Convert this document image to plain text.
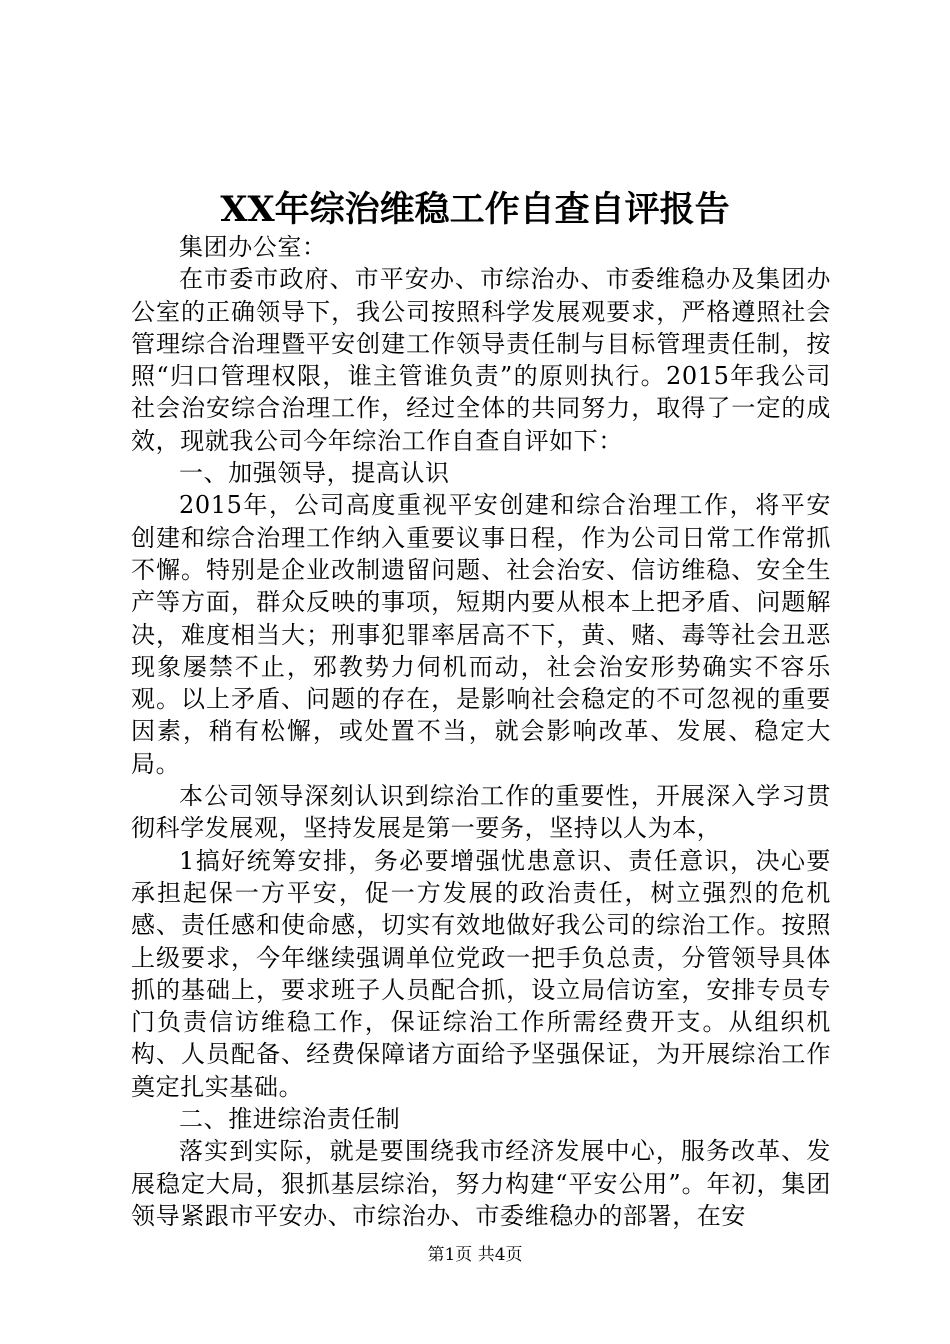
XX年综治维稳工作自查自评报告

集团办公室：

在市委市政府、市平安办、市综治办、市委维稳办及集团办公室的正确领导下，我公司按照科学发展观要求，严格遵照社会管理综合治理暨平安创建工作领导责任制与目标管理责任制，按照“归口管理权限，谁主管谁负责”的原则执行。2015年我公司社会治安综合治理工作，经过全体的共同努力，取得了一定的成效，现就我公司今年综治工作自查自评如下：

一、加强领导，提高认识

2015年，公司高度重视平安创建和综合治理工作，将平安创建和综合治理工作纳入重要议事日程，作为公司日常工作常抓不懈。特别是企业改制遗留问题、社会治安、信访维稳、安全生产等方面，群众反映的事项，短期内要从根本上把矛盾、问题解决，难度相当大；刑事犯罪率居高不下，黄、赌、毒等社会丑恶现象屡禁不止，邪教势力伺机而动，社会治安形势确实不容乐观。以上矛盾、问题的存在，是影响社会稳定的不可忽视的重要因素，稍有松懈，或处置不当，就会影响改革、发展、稳定大局。

本公司领导深刻认识到综治工作的重要性，开展深入学习贯彻科学发展观，坚持发展是第一要务，坚持以人为本，

1搞好统筹安排，务必要增强忧患意识、责任意识，决心要承担起保一方平安，促一方发展的政治责任，树立强烈的危机感、责任感和使命感，切实有效地做好我公司的综治工作。按照上级要求，今年继续强调单位党政一把手负总责，分管领导具体抓的基础上，要求班子人员配合抓，设立局信访室，安排专员专门负责信访维稳工作，保证综治工作所需经费开支。从组织机构、人员配备、经费保障诸方面给予坚强保证，为开展综治工作奠定扎实基础。

二、推进综治责任制

落实到实际，就是要围绕我市经济发展中心，服务改革、发展稳定大局，狠抓基层综治，努力构建“平安公用”。年初，集团领导紧跟市平安办、市综治办、市委维稳办的部署，在安

第1页 共4页
